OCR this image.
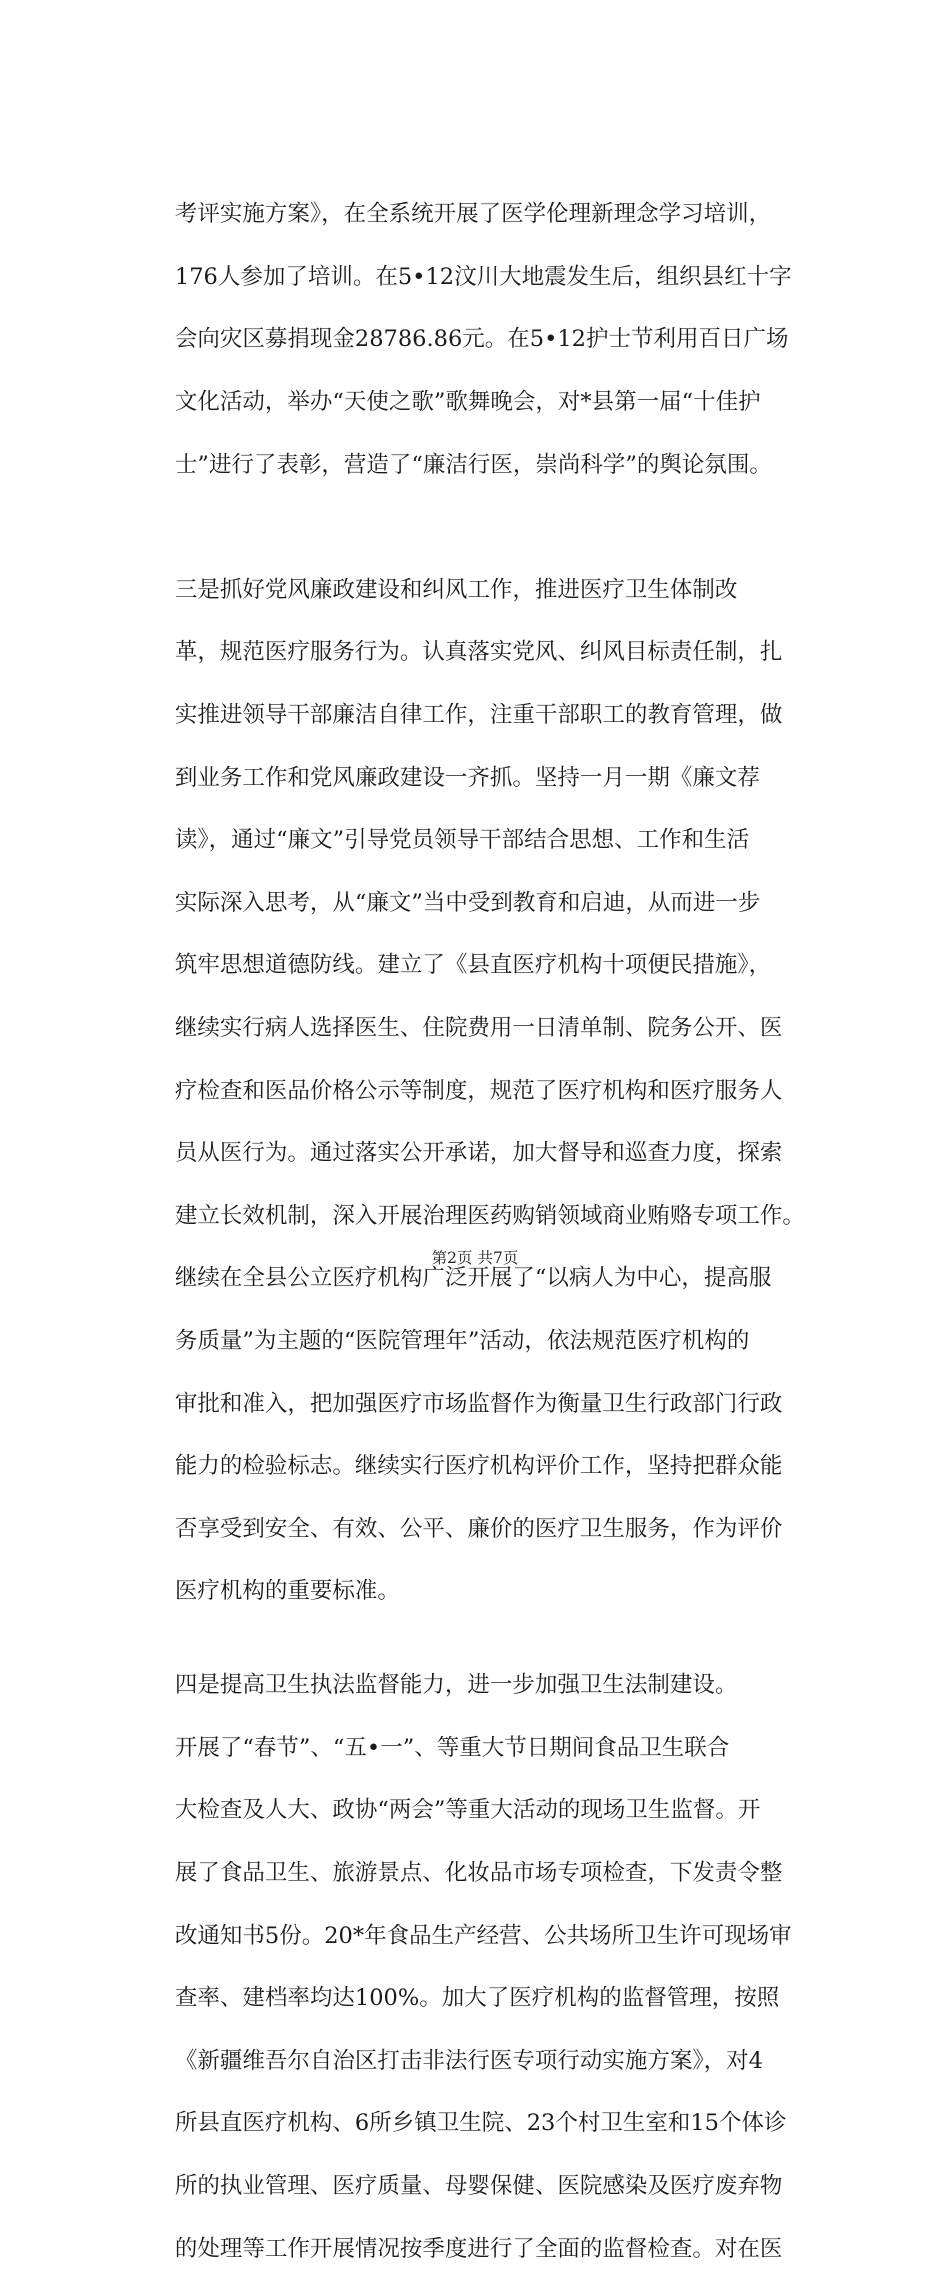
考评实施方案》，在全系统开展了医学伦理新理念学习培训，

176人参加了培训。在5•12汶川大地震发生后，组织县红十字

会向灾区募捐现金28786.86元。在5•12护士节利用百日广场

文化活动，举办“天使之歌”歌舞晚会，对*县第一届“十佳护

士”进行了表彰，营造了“廉洁行医，崇尚科学”的舆论氛围。

三是抓好党风廉政建设和纠风工作，推进医疗卫生体制改

革，规范医疗服务行为。认真落实党风、纠风目标责任制，扎

实推进领导干部廉洁自律工作，注重干部职工的教育管理，做

到业务工作和党风廉政建设一齐抓。坚持一月一期《廉文荐

读》，通过“廉文”引导党员领导干部结合思想、工作和生活

实际深入思考，从“廉文”当中受到教育和启迪，从而进一步

筑牢思想道德防线。建立了《县直医疗机构十项便民措施》，

继续实行病人选择医生、住院费用一日清单制、院务公开、医

疗检查和医品价格公示等制度，规范了医疗机构和医疗服务人

员从医行为。通过落实公开承诺，加大督导和巡查力度，探索

建立长效机制，深入开展治理医药购销领域商业贿赂专项工作。

继续在全县公立医疗机构广泛开展了“以病人为中心，提高服

务质量”为主题的“医院管理年”活动，依法规范医疗机构的

审批和准入，把加强医疗市场监督作为衡量卫生行政部门行政

能力的检验标志。继续实行医疗机构评价工作，坚持把群众能

否享受到安全、有效、公平、廉价的医疗卫生服务，作为评价

医疗机构的重要标准。

四是提高卫生执法监督能力，进一步加强卫生法制建设。

开展了“春节”、“五•一”、等重大节日期间食品卫生联合

大检查及人大、政协“两会”等重大活动的现场卫生监督。开

展了食品卫生、旅游景点、化妆品市场专项检查，下发责令整

改通知书5份。20*年食品生产经营、公共场所卫生许可现场审

查率、建档率均达100%。加大了医疗机构的监督管理，按照

《新疆维吾尔自治区打击非法行医专项行动实施方案》，对4

所县直医疗机构、6所乡镇卫生院、23个村卫生室和15个体诊

所的执业管理、医疗质量、母婴保健、医院感染及医疗废弃物

的处理等工作开展情况按季度进行了全面的监督检查。对在医

第2页 共7页
